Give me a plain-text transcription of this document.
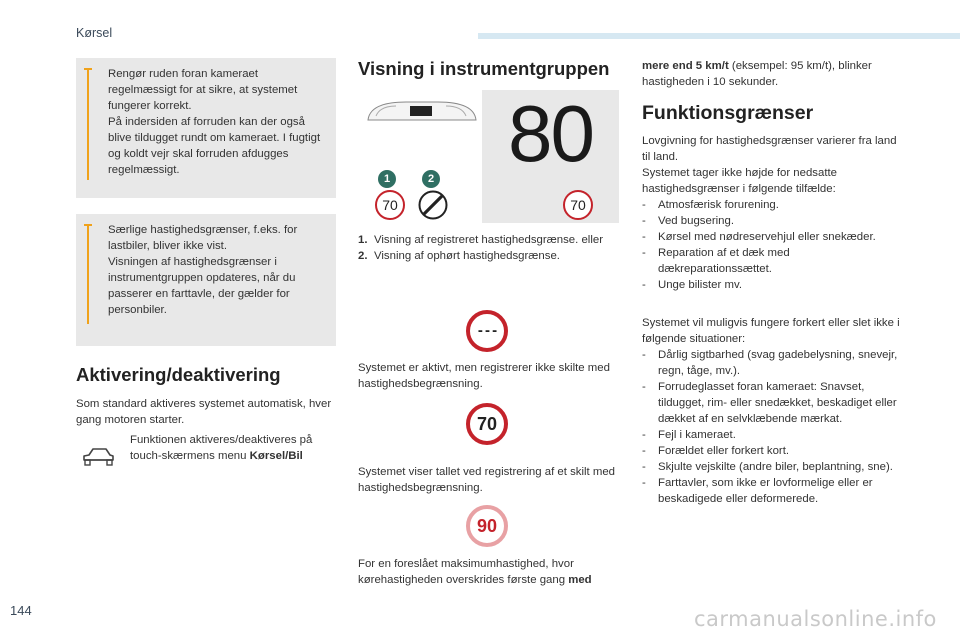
Kørsel

Rengør ruden foran kameraet regelmæssigt for at sikre, at systemet fungerer korrekt.

På indersiden af forruden kan der også blive tildugget rundt om kameraet. I fugtigt og koldt vejr skal forruden afdugges regelmæssigt.

Særlige hastighedsgrænser, f.eks. for lastbiler, bliver ikke vist.

Visningen af hastighedsgrænser i instrumentgruppen opdateres, når du passerer en farttavle, der gælder for personbiler.

Aktivering/deaktivering
Som standard aktiveres systemet automatisk, hver gang motoren starter.
Funktionen aktiveres/deaktiveres på touch-skærmens menu Kørsel/Bil
Visning i instrumentgruppen
80
1	2
70	70
1. Visning af registreret hastighedsgrænse. eller
2. Visning af ophørt hastighedsgrænse.
- - -
Systemet er aktivt, men registrerer ikke skilte med hastighedsbegrænsning.
70
Systemet viser tallet ved registrering af et skilt med hastighedsbegrænsning.
90
For en foreslået maksimumhastighed, hvor kørehastigheden overskrides første gang med
mere end 5 km/t (eksempel: 95 km/t), blinker hastigheden i 10 sekunder.
Funktionsgrænser

Lovgivning for hastighedsgrænser varierer fra land til land.

Systemet tager ikke højde for nedsatte hastighedsgrænser i følgende tilfælde:

- Atmosfærisk forurening.
- Ved bugsering.
- Kørsel med nødreservehjul eller snekæder.
- Reparation af et dæk med dækreparationssættet.
- Unge bilister mv.

Systemet vil muligvis fungere forkert eller slet ikke i følgende situationer:

- Dårlig sigtbarhed (svag gadebelysning, snevejr, regn, tåge, mv.).
- Forrudeglasset foran kameraet: Snavset, tildugget, rim- eller snedækket, beskadiget eller dækket af en selvklæbende mærkat.
- Fejl i kameraet.
- Forældet eller forkert kort.
- Skjulte vejskilte (andre biler, beplantning, sne).
- Farttavler, som ikke er lovformelige eller er beskadigede eller deformerede.
144	carmanualsonline.info
